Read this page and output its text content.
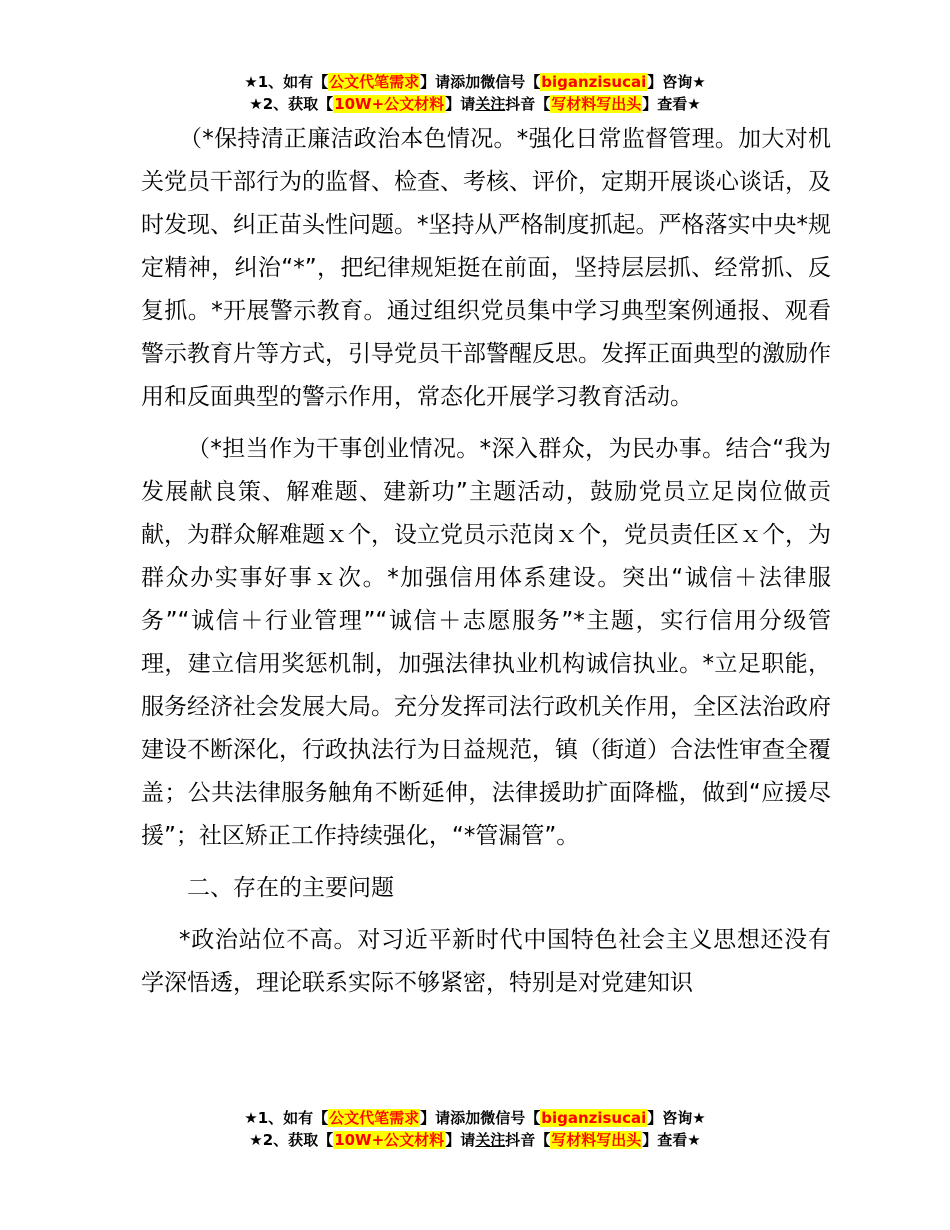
★1、如有【公文代笔需求】请添加微信号【biganzisucai】咨询★
★2、获取【10W+公文材料】请关注抖音【写材料写出头】查看★

（*保持清正廉洁政治本色情况。*强化日常监督管理。加大对机关党员干部行为的监督、检查、考核、评价，定期开展谈心谈话，及时发现、纠正苗头性问题。*坚持从严格制度抓起。严格落实中央*规定精神，纠治“*”，把纪律规矩挺在前面，坚持层层抓、经常抓、反复抓。*开展警示教育。通过组织党员集中学习典型案例通报、观看警示教育片等方式，引导党员干部警醒反思。发挥正面典型的激励作用和反面典型的警示作用，常态化开展学习教育活动。

（*担当作为干事创业情况。*深入群众，为民办事。结合“我为发展献良策、解难题、建新功”主题活动，鼓励党员立足岗位做贡献，为群众解难题ｘ个，设立党员示范岗ｘ个，党员责任区ｘ个，为群众办实事好事ｘ次。*加强信用体系建设。突出“诚信＋法律服务”“诚信＋行业管理”“诚信＋志愿服务”*主题，实行信用分级管理，建立信用奖惩机制，加强法律执业机构诚信执业。*立足职能，服务经济社会发展大局。充分发挥司法行政机关作用，全区法治政府建设不断深化，行政执法行为日益规范，镇（街道）合法性审查全覆盖；公共法律服务触角不断延伸，法律援助扩面降槛，做到“应援尽援”；社区矫正工作持续强化，“*管漏管”。

二、存在的主要问题

*政治站位不高。对习近平新时代中国特色社会主义思想还没有学深悟透，理论联系实际不够紧密，特别是对党建知识

★1、如有【公文代笔需求】请添加微信号【biganzisucai】咨询★
★2、获取【10W+公文材料】请关注抖音【写材料写出头】查看★
